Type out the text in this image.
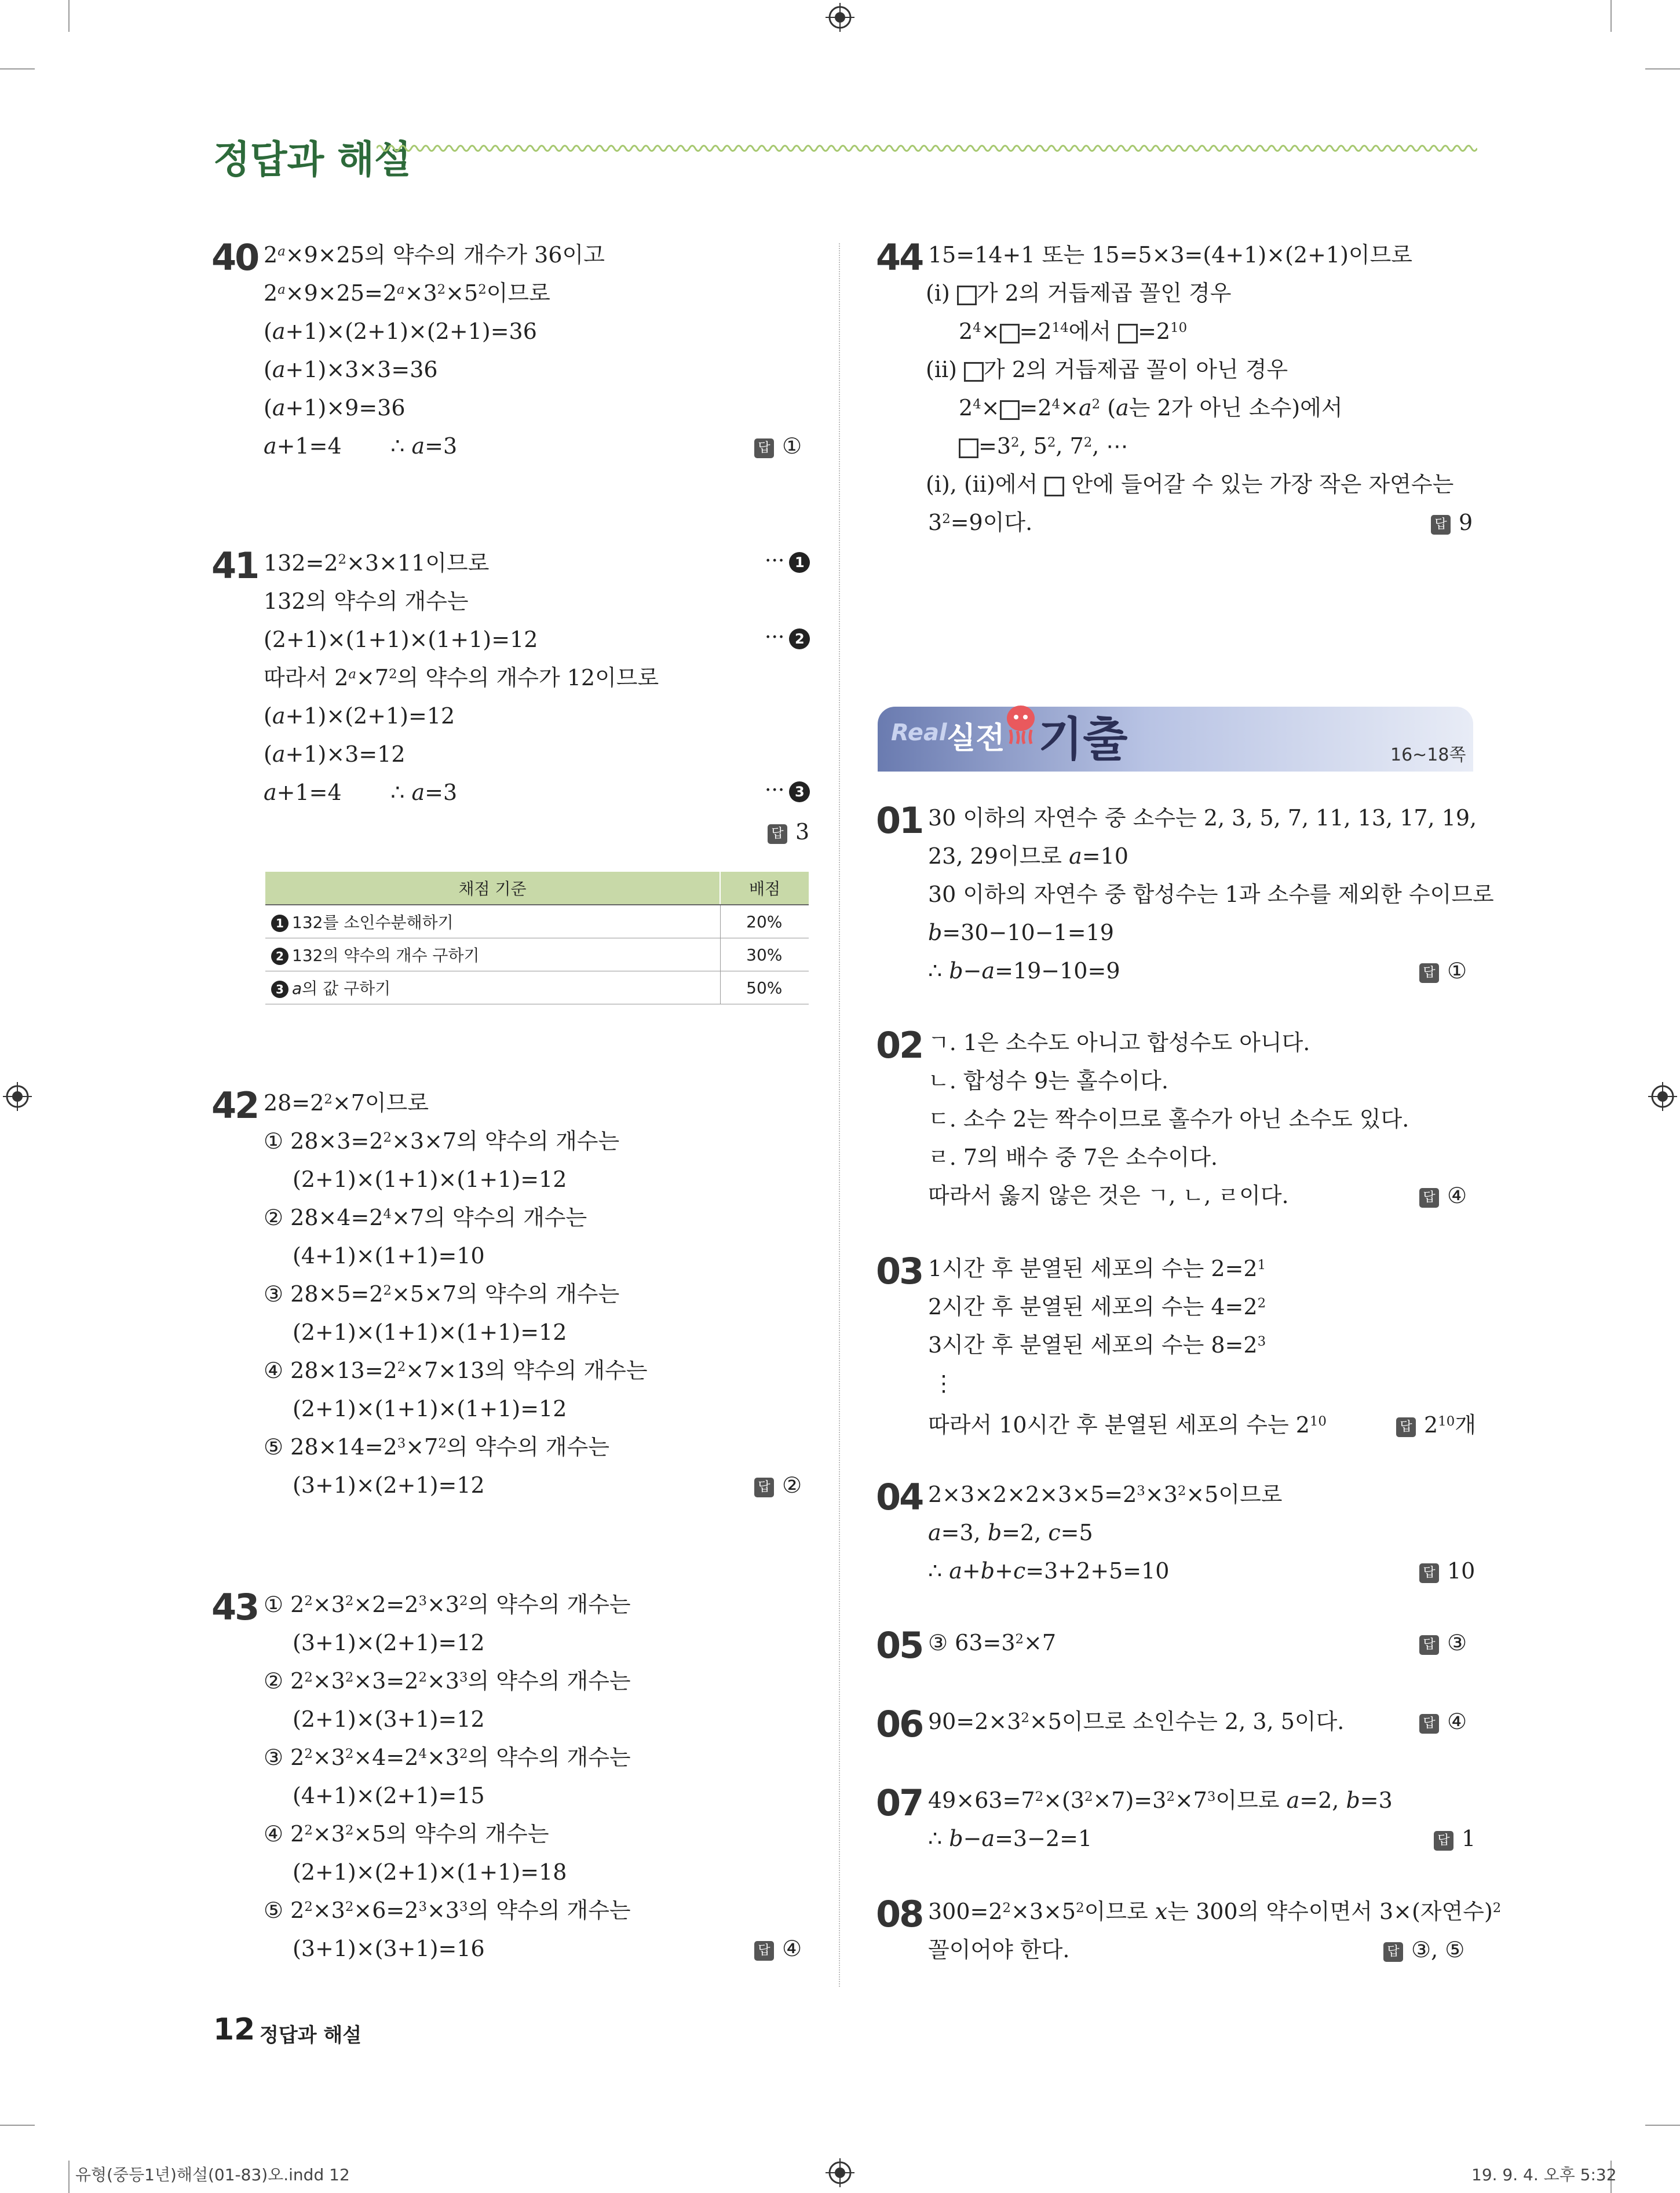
정답과 해설
40 $2^a\times 9\times 25$의 약수의 개수가 36이고
$2^a\times 9\times 25=2^a\times 3^2\times 5^2$이므로
(a+1)×(2+1)×(2+1)=36
(a+1)×3×3=36
(a+1)×9=36
a+1=4       ∴ a=3	답 ①
41 $132=2^2\times 3\times 11$이므로	··· 1
132의 약수의 개수는
(2+1)×(1+1)×(1+1)=12	··· 2
따라서 $2^a\times 7^2$의 약수의 개수가 12이므로
(a+1)×(2+1)=12
(a+1)×3=12
a+1=4       ∴ a=3	··· 3
답 3
채점 기준	배점
1 132를 소인수분해하기	20%
2 132의 약수의 개수 구하기	30%
3 a의 값 구하기	50%
42 $28=2^2\times 7$이므로
① $28\times 3=2^2\times 3\times 7$의 약수의 개수는
(2+1)×(1+1)×(1+1)=12
② $28\times 4=2^4\times 7$의 약수의 개수는
(4+1)×(1+1)=10
③ $28\times 5=2^2\times 5\times 7$의 약수의 개수는
(2+1)×(1+1)×(1+1)=12
④ $28\times 13=2^2\times 7\times 13$의 약수의 개수는
(2+1)×(1+1)×(1+1)=12
⑤ $28\times 14=2^3\times 7^2$의 약수의 개수는
(3+1)×(2+1)=12	답 ②
43 ① $2^2\times 3^2\times 2=2^3\times 3^2$의 약수의 개수는
(3+1)×(2+1)=12
② $2^2\times 3^2\times 3=2^2\times 3^3$의 약수의 개수는
(2+1)×(3+1)=12
③ $2^2\times 3^2\times 4=2^4\times 3^2$의 약수의 개수는
(4+1)×(2+1)=15
④ $2^2\times 3^2\times 5$의 약수의 개수는
(2+1)×(2+1)×(1+1)=18
⑤ $2^2\times 3^2\times 6=2^3\times 3^3$의 약수의 개수는
(3+1)×(3+1)=16	답 ④
44 15=14+1 또는 15=5×3=(4+1)×(2+1)이므로
(ⅰ) 가 2의 거듭제곱 꼴인 경우
$2^4\times =2^{14}$에서 $=2^{10}$
(ⅱ) 가 2의 거듭제곱 꼴이 아닌 경우
$2^4\times =2^4\times a^2$ (a는 2가 아닌 소수)에서
$=3^2$, $5^2$, $7^2$, ⋯
(ⅰ), (ⅱ)에서  안에 들어갈 수 있는 가장 작은 자연수는
$3^2=9$이다.	답 9
Real 실전 기출	16~18쪽
01 30 이하의 자연수 중 소수는 2, 3, 5, 7, 11, 13, 17, 19,
23, 29이므로 a=10
30 이하의 자연수 중 합성수는 1과 소수를 제외한 수이므로
b=30−10−1=19
∴ b−a=19−10=9	답 ①
02 ㄱ. 1은 소수도 아니고 합성수도 아니다.
ㄴ. 합성수 9는 홀수이다.
ㄷ. 소수 2는 짝수이므로 홀수가 아닌 소수도 있다.
ㄹ. 7의 배수 중 7은 소수이다.
따라서 옳지 않은 것은 ㄱ, ㄴ, ㄹ이다.	답 ④
03 1시간 후 분열된 세포의 수는 $2=2^1$
2시간 후 분열된 세포의 수는 $4=2^2$
3시간 후 분열된 세포의 수는 $8=2^3$
⋮
따라서 10시간 후 분열된 세포의 수는 $2^{10}$	답 $2^{10}$개
04 $2\times 3\times 2\times 2\times 3\times 5=2^3\times 3^2\times 5$이므로
a=3, b=2, c=5
∴ a+b+c=3+2+5=10	답 10
05 ③ $63=3^2\times 7$	답 ③
06 $90=2\times 3^2\times 5$이므로 소인수는 2, 3, 5이다.	답 ④
07 $49\times 63=7^2\times(3^2\times 7)=3^2\times 7^3$이므로 a=2, b=3
∴ b−a=3−2=1	답 1
08 $300=2^2\times 3\times 5^2$이므로 x는 300의 약수이면서 3×(자연수)$^2$
꼴이어야 한다.	답 ③, ⑤
12 정답과 해설
유형(중등1년)해설(01-83)오.indd 12	19. 9. 4. 오후 5:32
